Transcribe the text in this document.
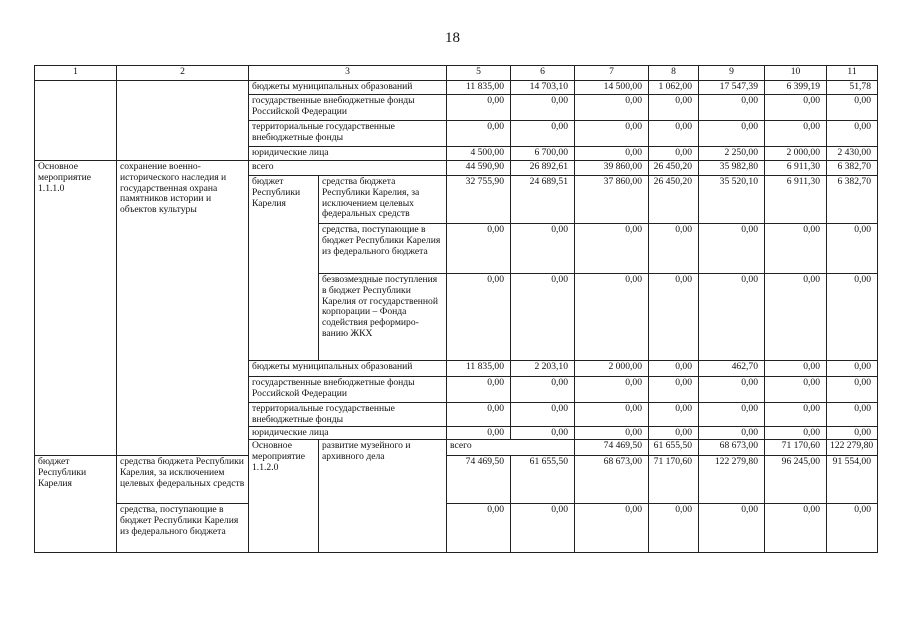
18
1	2	3		5	6	7	8	9	10	11	
		бюджеты муниципальных образований		11 835,00	14 703,10	14 500,00	1 062,00	17 547,39	6 399,19	51,78	
		государственные внебюджетные фонды Российской Федерации		0,00	0,00	0,00	0,00	0,00	0,00	0,00	
		территориальные государственные внебюджетные фонды		0,00	0,00	0,00	0,00	0,00	0,00	0,00	
		юридические лица		4 500,00	6 700,00	0,00	0,00	2 250,00	2 000,00	2 430,00	
Основное мероприятие 1.1.1.0	сохранение военно-исторического наследия и государственная охрана памятников истории и объектов культуры	всего		44 590,90	26 892,61	39 860,00	26 450,20	35 982,80	6 911,30	6 382,70	
		бюджет Республики Карелия	средства бюджета Республики Карелия, за исключением целевых федеральных средств	32 755,90	24 689,51	37 860,00	26 450,20	35 520,10	6 911,30	6 382,70	
			средства, поступающие в бюджет Республики Карелия из федерального бюджета	0,00	0,00	0,00	0,00	0,00	0,00	0,00	
			безвозмездные поступления в бюджет Республики Карелия от государственной корпорации – Фонда содействия реформиро-ванию ЖКХ	0,00	0,00	0,00	0,00	0,00	0,00	0,00	
		бюджеты муниципальных образований		11 835,00	2 203,10	2 000,00	0,00	462,70	0,00	0,00	
		государственные внебюджетные фонды Российской Федерации		0,00	0,00	0,00	0,00	0,00	0,00	0,00	
		территориальные государственные внебюджетные фонды		0,00	0,00	0,00	0,00	0,00	0,00	0,00	
		юридические лица		0,00	0,00	0,00	0,00	0,00	0,00	0,00	
		Основное мероприятие 1.1.2.0	развитие музейного и архивного дела	всего		74 469,50	61 655,50	68 673,00	71 170,60	122 279,80		
бюджет Республики Карелия	средства бюджета Республики Карелия, за исключением целевых федеральных средств			74 469,50	61 655,50	68 673,00	71 170,60	122 279,80	96 245,00	91 554,00	
	средства, поступающие в бюджет Республики Карелия из федерального бюджета			0,00	0,00	0,00	0,00	0,00	0,00	0,00	
